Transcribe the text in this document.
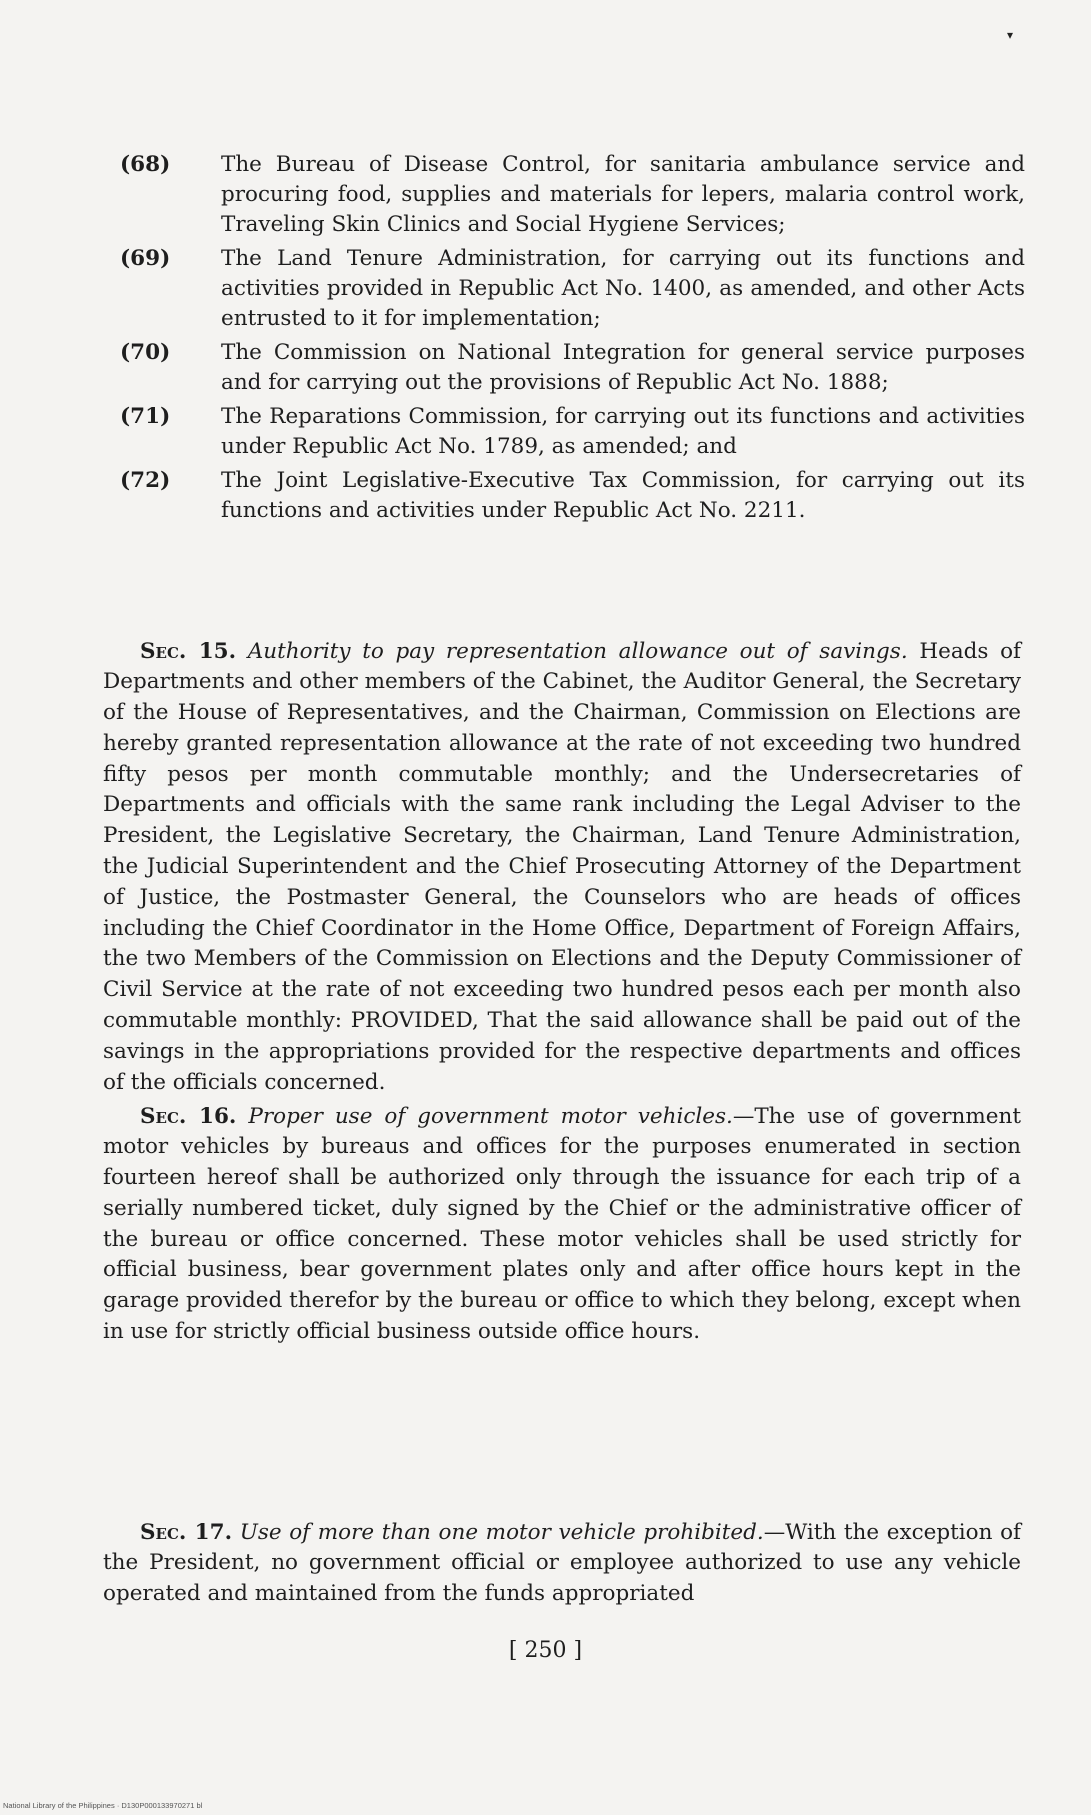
▾
(68)	The Bureau of Disease Control, for sanitaria ambulance service and procuring food, supplies and materials for lepers, malaria control work, Traveling Skin Clinics and Social Hygiene Services;
(69)	The Land Tenure Administration, for carrying out its functions and activities provided in Republic Act No. 1400, as amended, and other Acts entrusted to it for implementation;
(70)	The Commission on National Integration for general service purposes and for carrying out the provisions of Republic Act No. 1888;
(71)	The Reparations Commission, for carrying out its functions and activities under Republic Act No. 1789, as amended; and
(72)	The Joint Legislative-Executive Tax Commission, for carrying out its functions and activities under Republic Act No. 2211.

Sec. 15. Authority to pay representation allowance out of savings. Heads of Departments and other members of the Cabinet, the Auditor General, the Secretary of the House of Representatives, and the Chairman, Commission on Elections are hereby granted representation allowance at the rate of not exceeding two hundred fifty pesos per month commutable monthly; and the Undersecretaries of Departments and officials with the same rank including the Legal Adviser to the President, the Legislative Secretary, the Chairman, Land Tenure Administration, the Judicial Superintendent and the Chief Prosecuting Attorney of the Department of Justice, the Postmaster General, the Counselors who are heads of offices including the Chief Coordinator in the Home Office, Department of Foreign Affairs, the two Members of the Commission on Elections and the Deputy Commissioner of Civil Service at the rate of not exceeding two hundred pesos each per month also commutable monthly: PROVIDED, That the said allowance shall be paid out of the savings in the appropriations provided for the respective departments and offices of the officials concerned.

Sec. 16. Proper use of government motor vehicles.—The use of government motor vehicles by bureaus and offices for the purposes enumerated in section fourteen hereof shall be authorized only through the issuance for each trip of a serially numbered ticket, duly signed by the Chief or the administrative officer of the bureau or office concerned. These motor vehicles shall be used strictly for official business, bear government plates only and after office hours kept in the garage provided therefor by the bureau or office to which they belong, except when in use for strictly official business outside office hours.

Sec. 17. Use of more than one motor vehicle prohibited.—With the exception of the President, no government official or employee authorized to use any vehicle operated and maintained from the funds appropriated

[ 250 ]
National Library of the Philippines · D130P000133970271 bl
